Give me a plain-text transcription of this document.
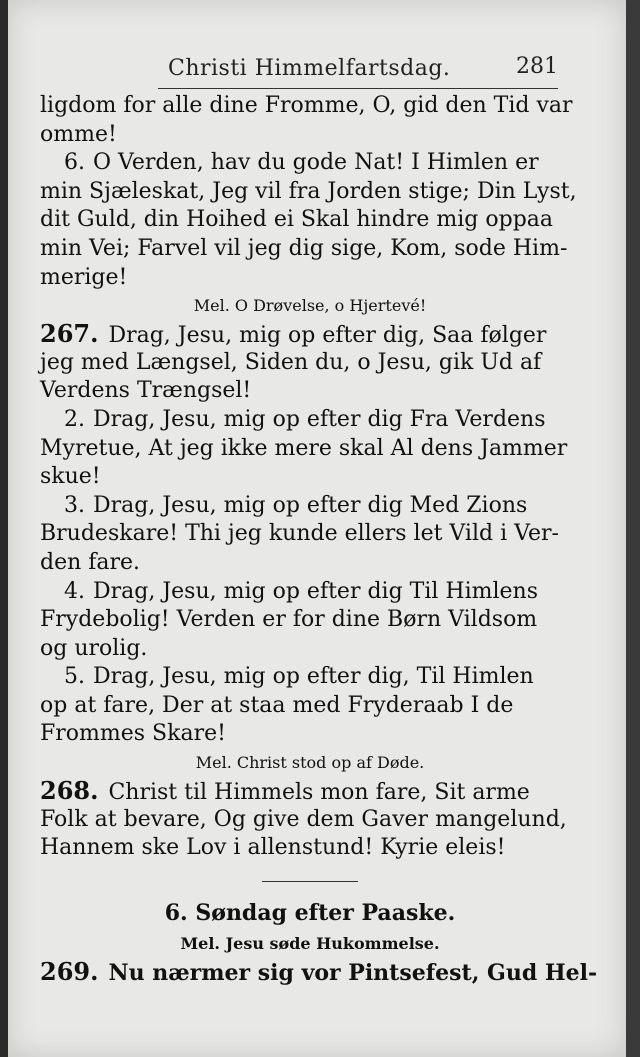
Christi Himmelfartsdag.	281
ligdom for alle dine Fromme, O, gid den Tid var
omme!
6. O Verden, hav du gode Nat! I Himlen er
min Sjæleskat, Jeg vil fra Jorden stige; Din Lyst,
dit Guld, din Hoihed ei Skal hindre mig oppaa
min Vei; Farvel vil jeg dig sige, Kom, sode Him-
merige!
Mel. O Drøvelse, o Hjertevé!
267. Drag, Jesu, mig op efter dig, Saa følger
jeg med Længsel, Siden du, o Jesu, gik Ud af
Verdens Trængsel!
2. Drag, Jesu, mig op efter dig Fra Verdens
Myretue, At jeg ikke mere skal Al dens Jammer
skue!
3. Drag, Jesu, mig op efter dig Med Zions
Brudeskare! Thi jeg kunde ellers let Vild i Ver-
den fare.
4. Drag, Jesu, mig op efter dig Til Himlens
Frydebolig! Verden er for dine Børn Vildsom
og urolig.
5. Drag, Jesu, mig op efter dig, Til Himlen
op at fare, Der at staa med Fryderaab I de
Frommes Skare!
Mel. Christ stod op af Døde.
268. Christ til Himmels mon fare, Sit arme
Folk at bevare, Og give dem Gaver mangelund,
Hannem ske Lov i allenstund! Kyrie eleis!
6. Søndag efter Paaske.
Mel. Jesu søde Hukommelse.
269. Nu nærmer sig vor Pintsefest, Gud Hel-
